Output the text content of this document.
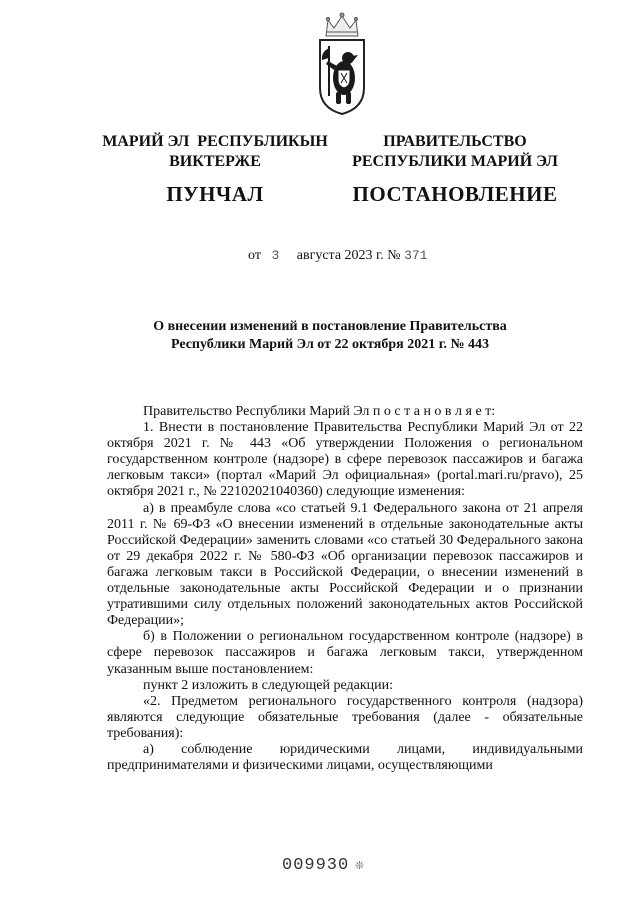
МАРИЙ ЭЛ  РЕСПУБЛИКЫН
ВИКТЕРЖЕ
ПУНЧАЛ
ПРАВИТЕЛЬСТВО
РЕСПУБЛИКИ МАРИЙ ЭЛ
ПОСТАНОВЛЕНИЕ
от 3 августа 2023 г. № 371
О внесении изменений в постановление Правительства
Республики Марий Эл от 22 октября 2021 г. № 443

Правительство Республики Марий Эл п о с т а н о в л я е т:

1. Внести в постановление Правительства Республики Марий Эл от 22 октября 2021 г. № 443 «Об утверждении Положения о региональном государственном контроле (надзоре) в сфере перевозок пассажиров и багажа легковым такси» (портал «Марий Эл официальная» (portal.mari.ru/pravo), 25 октября 2021 г., № 22102021040360) следующие изменения:

а) в преамбуле слова «со статьей 9.1 Федерального закона от 21 апреля 2011 г. № 69-ФЗ «О внесении изменений в отдельные законодательные акты Российской Федерации» заменить словами «со статьей 30 Федерального закона от 29 декабря 2022 г. № 580-ФЗ «Об организации перевозок пассажиров и багажа легковым такси в Российской Федерации, о внесении изменений в отдельные законодательные акты Российской Федерации и о признании утратившими силу отдельных положений законодательных актов Российской Федерации»;

б) в Положении о региональном государственном контроле (надзоре) в сфере перевозок пассажиров и багажа легковым такси, утвержденном указанным выше постановлением:

пункт 2 изложить в следующей редакции:

«2. Предметом регионального государственного контроля (надзора) являются следующие обязательные требования (далее - обязательные требования):

а) соблюдение юридическими лицами, индивидуальными предпринимателями и физическими лицами, осуществляющими

009930 ❊
